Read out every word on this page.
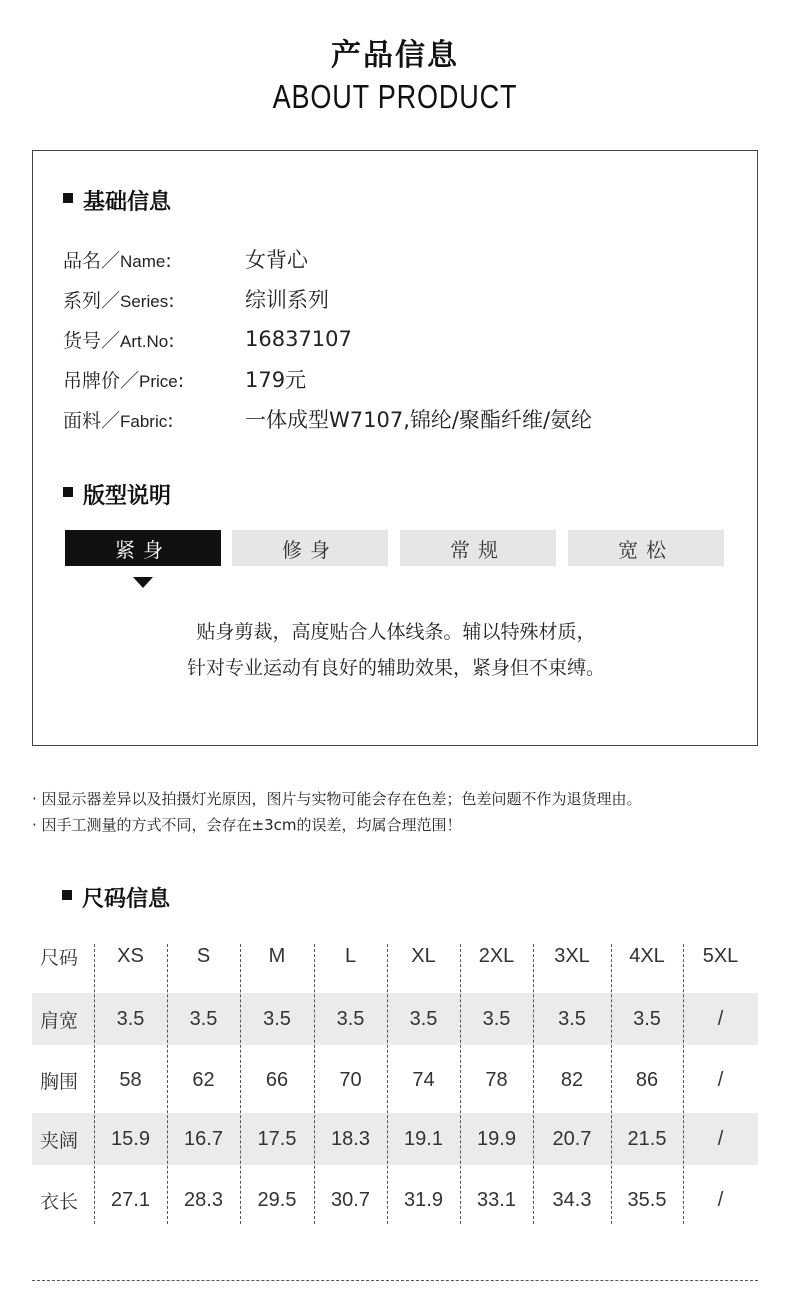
产品信息
ABOUT PRODUCT
基础信息
品名／Name:	女背心
系列／Series:	综训系列
货号／Art.No:	16837107
吊牌价／Price:	179元
面料／Fabric:	一体成型W7107,锦纶/聚酯纤维/氨纶
版型说明
紧身	修身	常规	宽松
贴身剪裁，高度贴合人体线条。辅以特殊材质，
针对专业运动有良好的辅助效果，紧身但不束缚。
· 因显示器差异以及拍摄灯光原因，图片与实物可能会存在色差；色差问题不作为退货理由。
· 因手工测量的方式不同，会存在±3cm的误差，均属合理范围！
尺码信息
尺码	XS	S	M	L	XL	2XL	3XL	4XL	5XL
肩宽	3.5	3.5	3.5	3.5	3.5	3.5	3.5	3.5	/
胸围	58	62	66	70	74	78	82	86	/
夹阔	15.9	16.7	17.5	18.3	19.1	19.9	20.7	21.5	/
衣长	27.1	28.3	29.5	30.7	31.9	33.1	34.3	35.5	/
